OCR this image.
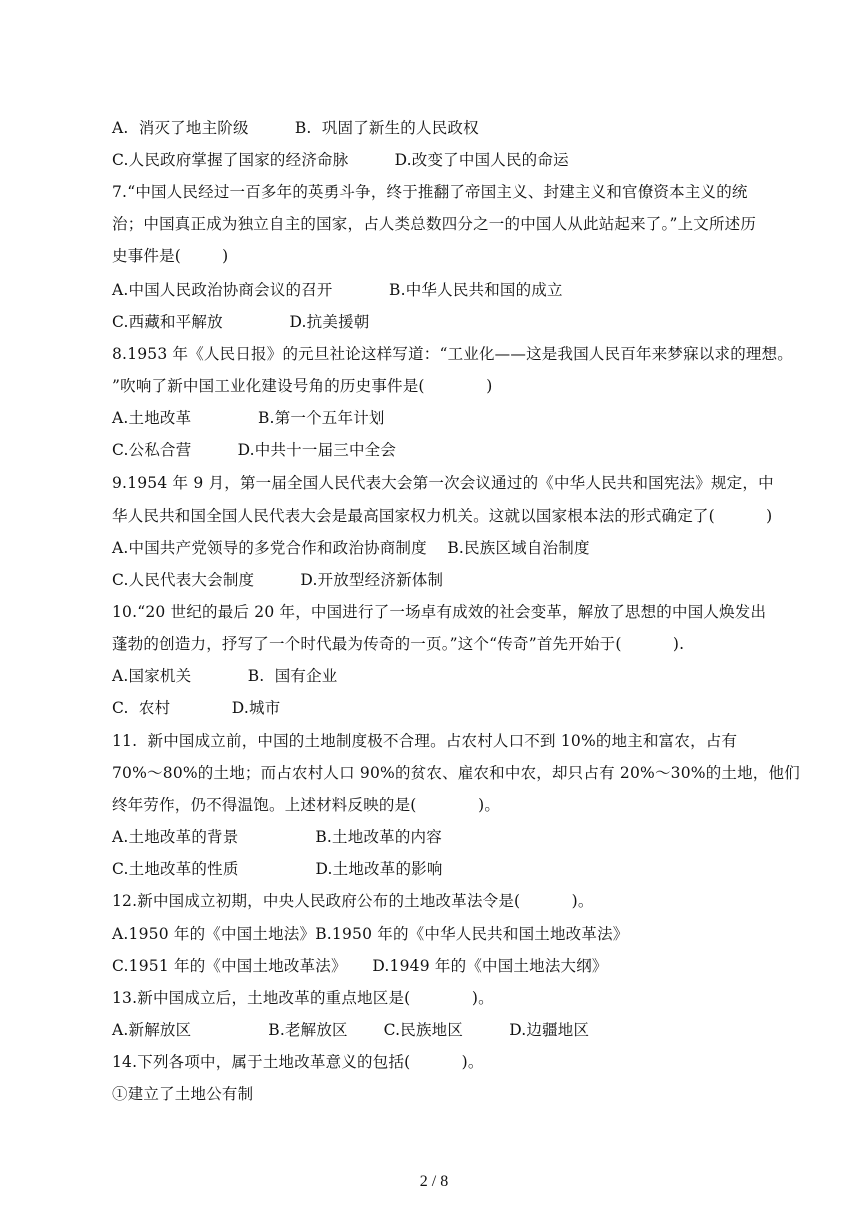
A.  消灭了地主阶级         B.  巩固了新生的人民政权
C.人民政府掌握了国家的经济命脉         D.改变了中国人民的命运
7.“中国人民经过一百多年的英勇斗争，终于推翻了帝国主义、封建主义和官僚资本主义的统
治；中国真正成为独立自主的国家，占人类总数四分之一的中国人从此站起来了。”上文所述历
史事件是(        )
A.中国人民政治协商会议的召开           B.中华人民共和国的成立
C.西藏和平解放             D.抗美援朝
8.1953 年《人民日报》的元旦社论这样写道：“工业化——这是我国人民百年来梦寐以求的理想。
”吹响了新中国工业化建设号角的历史事件是(            )
A.土地改革             B.第一个五年计划
C.公私合营         D.中共十一届三中全会
9.1954 年 9 月，第一届全国人民代表大会第一次会议通过的《中华人民共和国宪法》规定，中
华人民共和国全国人民代表大会是最高国家权力机关。这就以国家根本法的形式确定了(          )
A.中国共产党领导的多党合作和政治协商制度    B.民族区域自治制度
C.人民代表大会制度         D.开放型经济新体制
10.“20 世纪的最后 20 年，中国进行了一场卓有成效的社会变革，解放了思想的中国人焕发出
蓬勃的创造力，抒写了一个时代最为传奇的一页。”这个“传奇”首先开始于(          ).
A.国家机关           B.  国有企业
C.  农村            D.城市
11.  新中国成立前，中国的土地制度极不合理。占农村人口不到 10%的地主和富农，占有
70%～80%的土地；而占农村人口 90%的贫农、雇农和中农，却只占有 20%～30%的土地，他们
终年劳作，仍不得温饱。上述材料反映的是(            )。
A.土地改革的背景               B.土地改革的内容
C.土地改革的性质               D.土地改革的影响
12.新中国成立初期，中央人民政府公布的土地改革法令是(          )。
A.1950 年的《中国土地法》B.1950 年的《中华人民共和国土地改革法》
C.1951 年的《中国土地改革法》     D.1949 年的《中国土地法大纲》
13.新中国成立后，土地改革的重点地区是(            )。
A.新解放区               B.老解放区       C.民族地区         D.边疆地区
14.下列各项中，属于土地改革意义的包括(          )。
①建立了土地公有制
2 / 8
